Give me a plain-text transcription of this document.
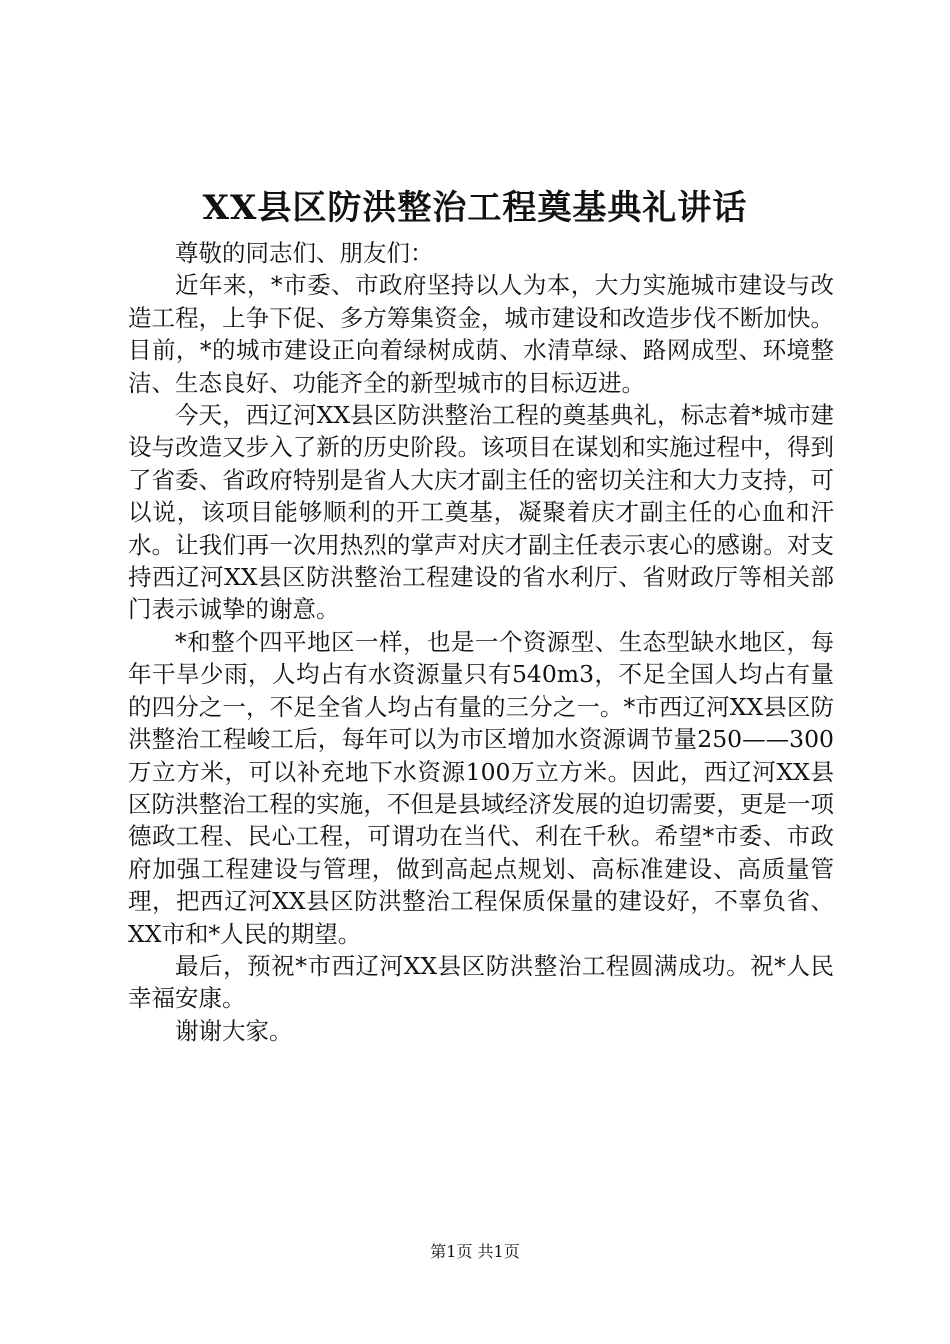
XX县区防洪整治工程奠基典礼讲话

尊敬的同志们、朋友们：

近年来，*市委、市政府坚持以人为本，大力实施城市建设与改造工程，上争下促、多方筹集资金，城市建设和改造步伐不断加快。目前，*的城市建设正向着绿树成荫、水清草绿、路网成型、环境整洁、生态良好、功能齐全的新型城市的目标迈进。

今天，西辽河XX县区防洪整治工程的奠基典礼，标志着*城市建设与改造又步入了新的历史阶段。该项目在谋划和实施过程中，得到了省委、省政府特别是省人大庆才副主任的密切关注和大力支持，可以说，该项目能够顺利的开工奠基，凝聚着庆才副主任的心血和汗水。让我们再一次用热烈的掌声对庆才副主任表示衷心的感谢。对支持西辽河XX县区防洪整治工程建设的省水利厅、省财政厅等相关部门表示诚挚的谢意。

*和整个四平地区一样，也是一个资源型、生态型缺水地区，每年干旱少雨，人均占有水资源量只有540m3，不足全国人均占有量的四分之一，不足全省人均占有量的三分之一。*市西辽河XX县区防洪整治工程峻工后，每年可以为市区增加水资源调节量250——300万立方米，可以补充地下水资源100万立方米。因此，西辽河XX县区防洪整治工程的实施，不但是县域经济发展的迫切需要，更是一项德政工程、民心工程，可谓功在当代、利在千秋。希望*市委、市政府加强工程建设与管理，做到高起点规划、高标准建设、高质量管理，把西辽河XX县区防洪整治工程保质保量的建设好，不辜负省、XX市和*人民的期望。

最后，预祝*市西辽河XX县区防洪整治工程圆满成功。祝*人民幸福安康。

谢谢大家。

第1页 共1页
